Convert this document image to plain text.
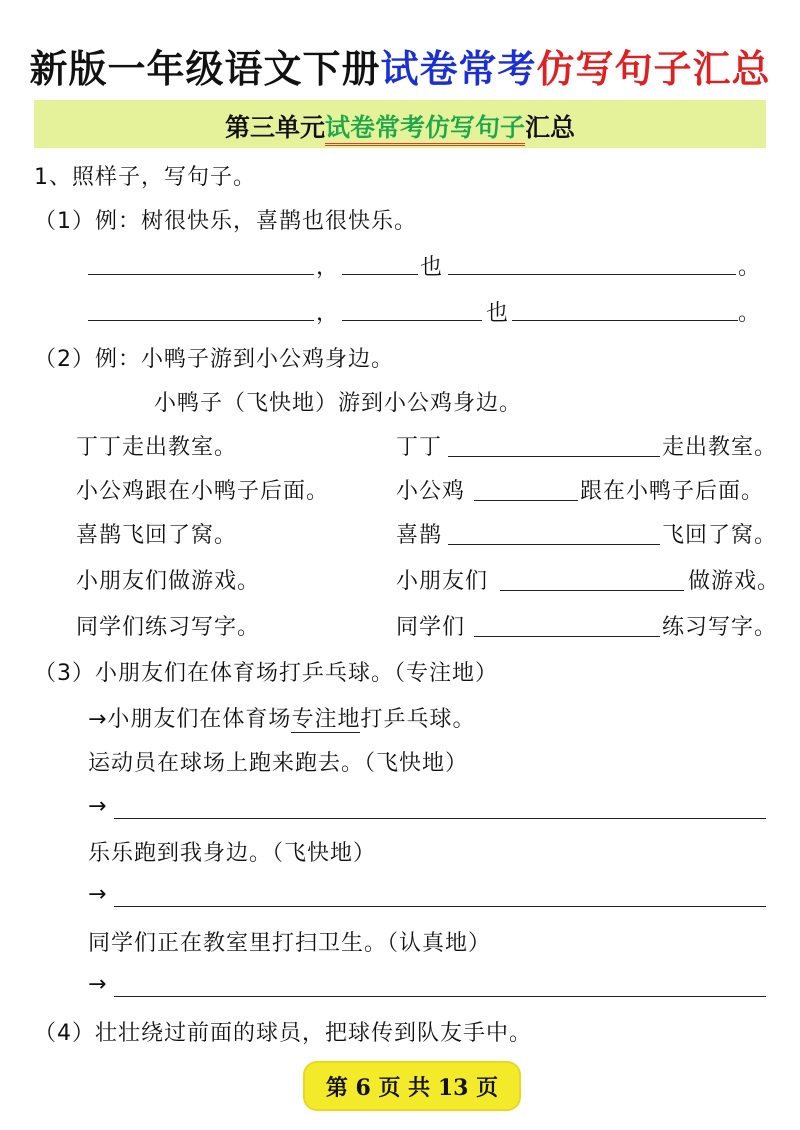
新版一年级语文下册试卷常考仿写句子汇总
第三单元试卷常考仿写句子汇总
1、照样子，写句子。
（1）例：树很快乐，喜鹊也很快乐。
，	也	。
，	也	。
（2）例：小鸭子游到小公鸡身边。
小鸭子（飞快地）游到小公鸡身边。
丁丁走出教室。	丁丁	走出教室。
小公鸡跟在小鸭子后面。	小公鸡	跟在小鸭子后面。
喜鹊飞回了窝。	喜鹊	飞回了窝。
小朋友们做游戏。	小朋友们	做游戏。
同学们练习写字。	同学们	练习写字。
（3）小朋友们在体育场打乒乓球。（专注地）
→小朋友们在体育场专注地打乒乓球。
运动员在球场上跑来跑去。（飞快地）
→
乐乐跑到我身边。（飞快地）
→
同学们正在教室里打扫卫生。（认真地）
→
（4）壮壮绕过前面的球员，把球传到队友手中。
第 6 页 共 13 页
